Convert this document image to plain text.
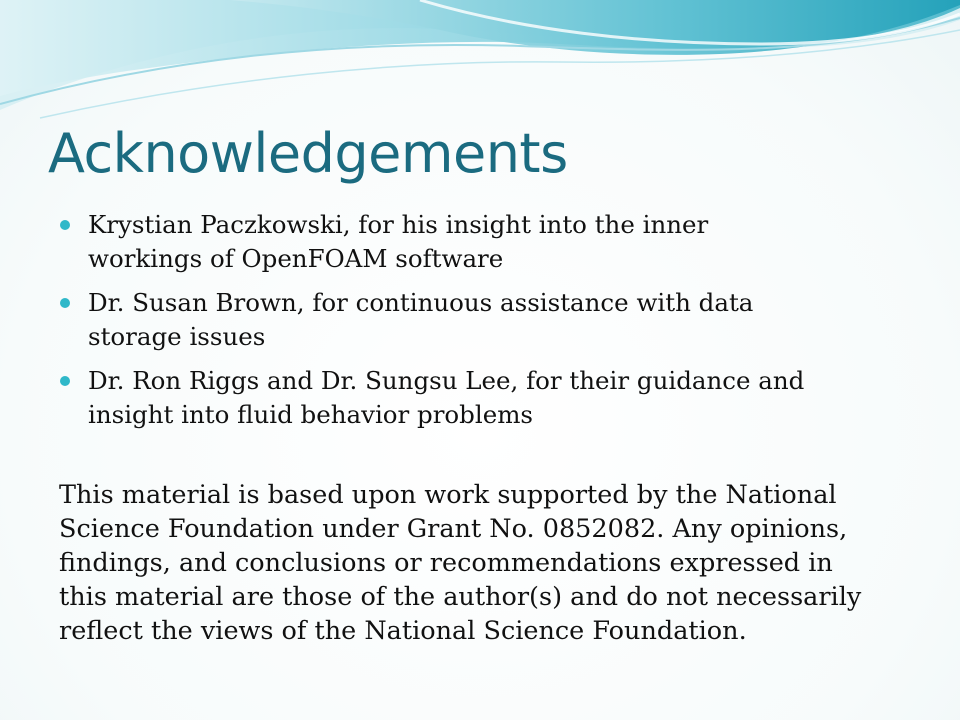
Acknowledgements
Krystian Paczkowski, for his insight into the inner
workings of OpenFOAM software
Dr. Susan Brown, for continuous assistance with data
storage issues
Dr. Ron Riggs and Dr. Sungsu Lee, for their guidance and
insight into fluid behavior problems

This material is based upon work supported by the National
Science Foundation under Grant No. 0852082. Any opinions,
findings, and conclusions or recommendations expressed in
this material are those of the author(s) and do not necessarily
reflect the views of the National Science Foundation.
